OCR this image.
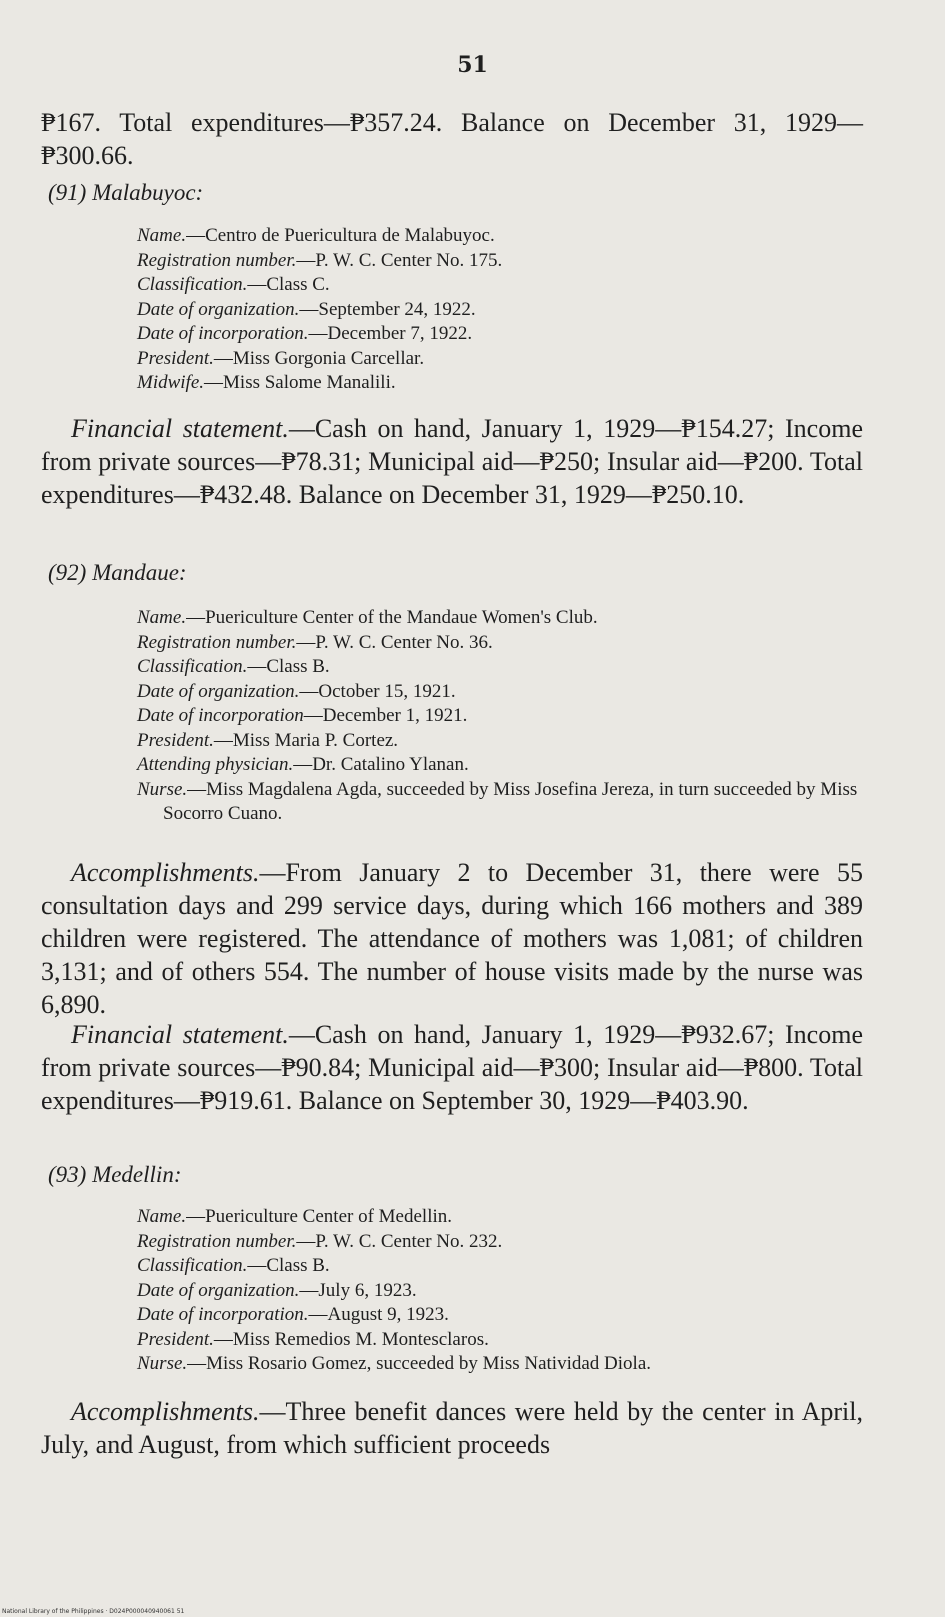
51
₱167. Total expenditures—₱357.24. Balance on December 31, 1929—₱300.66.
(91) Malabuyoc:
Name.—Centro de Puericultura de Malabuyoc.
Registration number.—P. W. C. Center No. 175.
Classification.—Class C.
Date of organization.—September 24, 1922.
Date of incorporation.—December 7, 1922.
President.—Miss Gorgonia Carcellar.
Midwife.—Miss Salome Manalili.
Financial statement.—Cash on hand, January 1, 1929—₱154.27; Income from private sources—₱78.31; Municipal aid—₱250; Insular aid—₱200. Total expenditures—₱432.48. Balance on December 31, 1929—₱250.10.
(92) Mandaue:
Name.—Puericulture Center of the Mandaue Women's Club.
Registration number.—P. W. C. Center No. 36.
Classification.—Class B.
Date of organization.—October 15, 1921.
Date of incorporation—December 1, 1921.
President.—Miss Maria P. Cortez.
Attending physician.—Dr. Catalino Ylanan.
Nurse.—Miss Magdalena Agda, succeeded by Miss Josefina Jereza, in turn succeeded by Miss Socorro Cuano.
Accomplishments.—From January 2 to December 31, there were 55 consultation days and 299 service days, during which 166 mothers and 389 children were registered. The attendance of mothers was 1,081; of children 3,131; and of others 554. The number of house visits made by the nurse was 6,890.
Financial statement.—Cash on hand, January 1, 1929—₱932.67; Income from private sources—₱90.84; Municipal aid—₱300; Insular aid—₱800. Total expenditures—₱919.61. Balance on September 30, 1929—₱403.90.
(93) Medellin:
Name.—Puericulture Center of Medellin.
Registration number.—P. W. C. Center No. 232.
Classification.—Class B.
Date of organization.—July 6, 1923.
Date of incorporation.—August 9, 1923.
President.—Miss Remedios M. Montesclaros.
Nurse.—Miss Rosario Gomez, succeeded by Miss Natividad Diola.
Accomplishments.—Three benefit dances were held by the center in April, July, and August, from which sufficient proceeds
National Library of the Philippines · D024P000040940061 51
